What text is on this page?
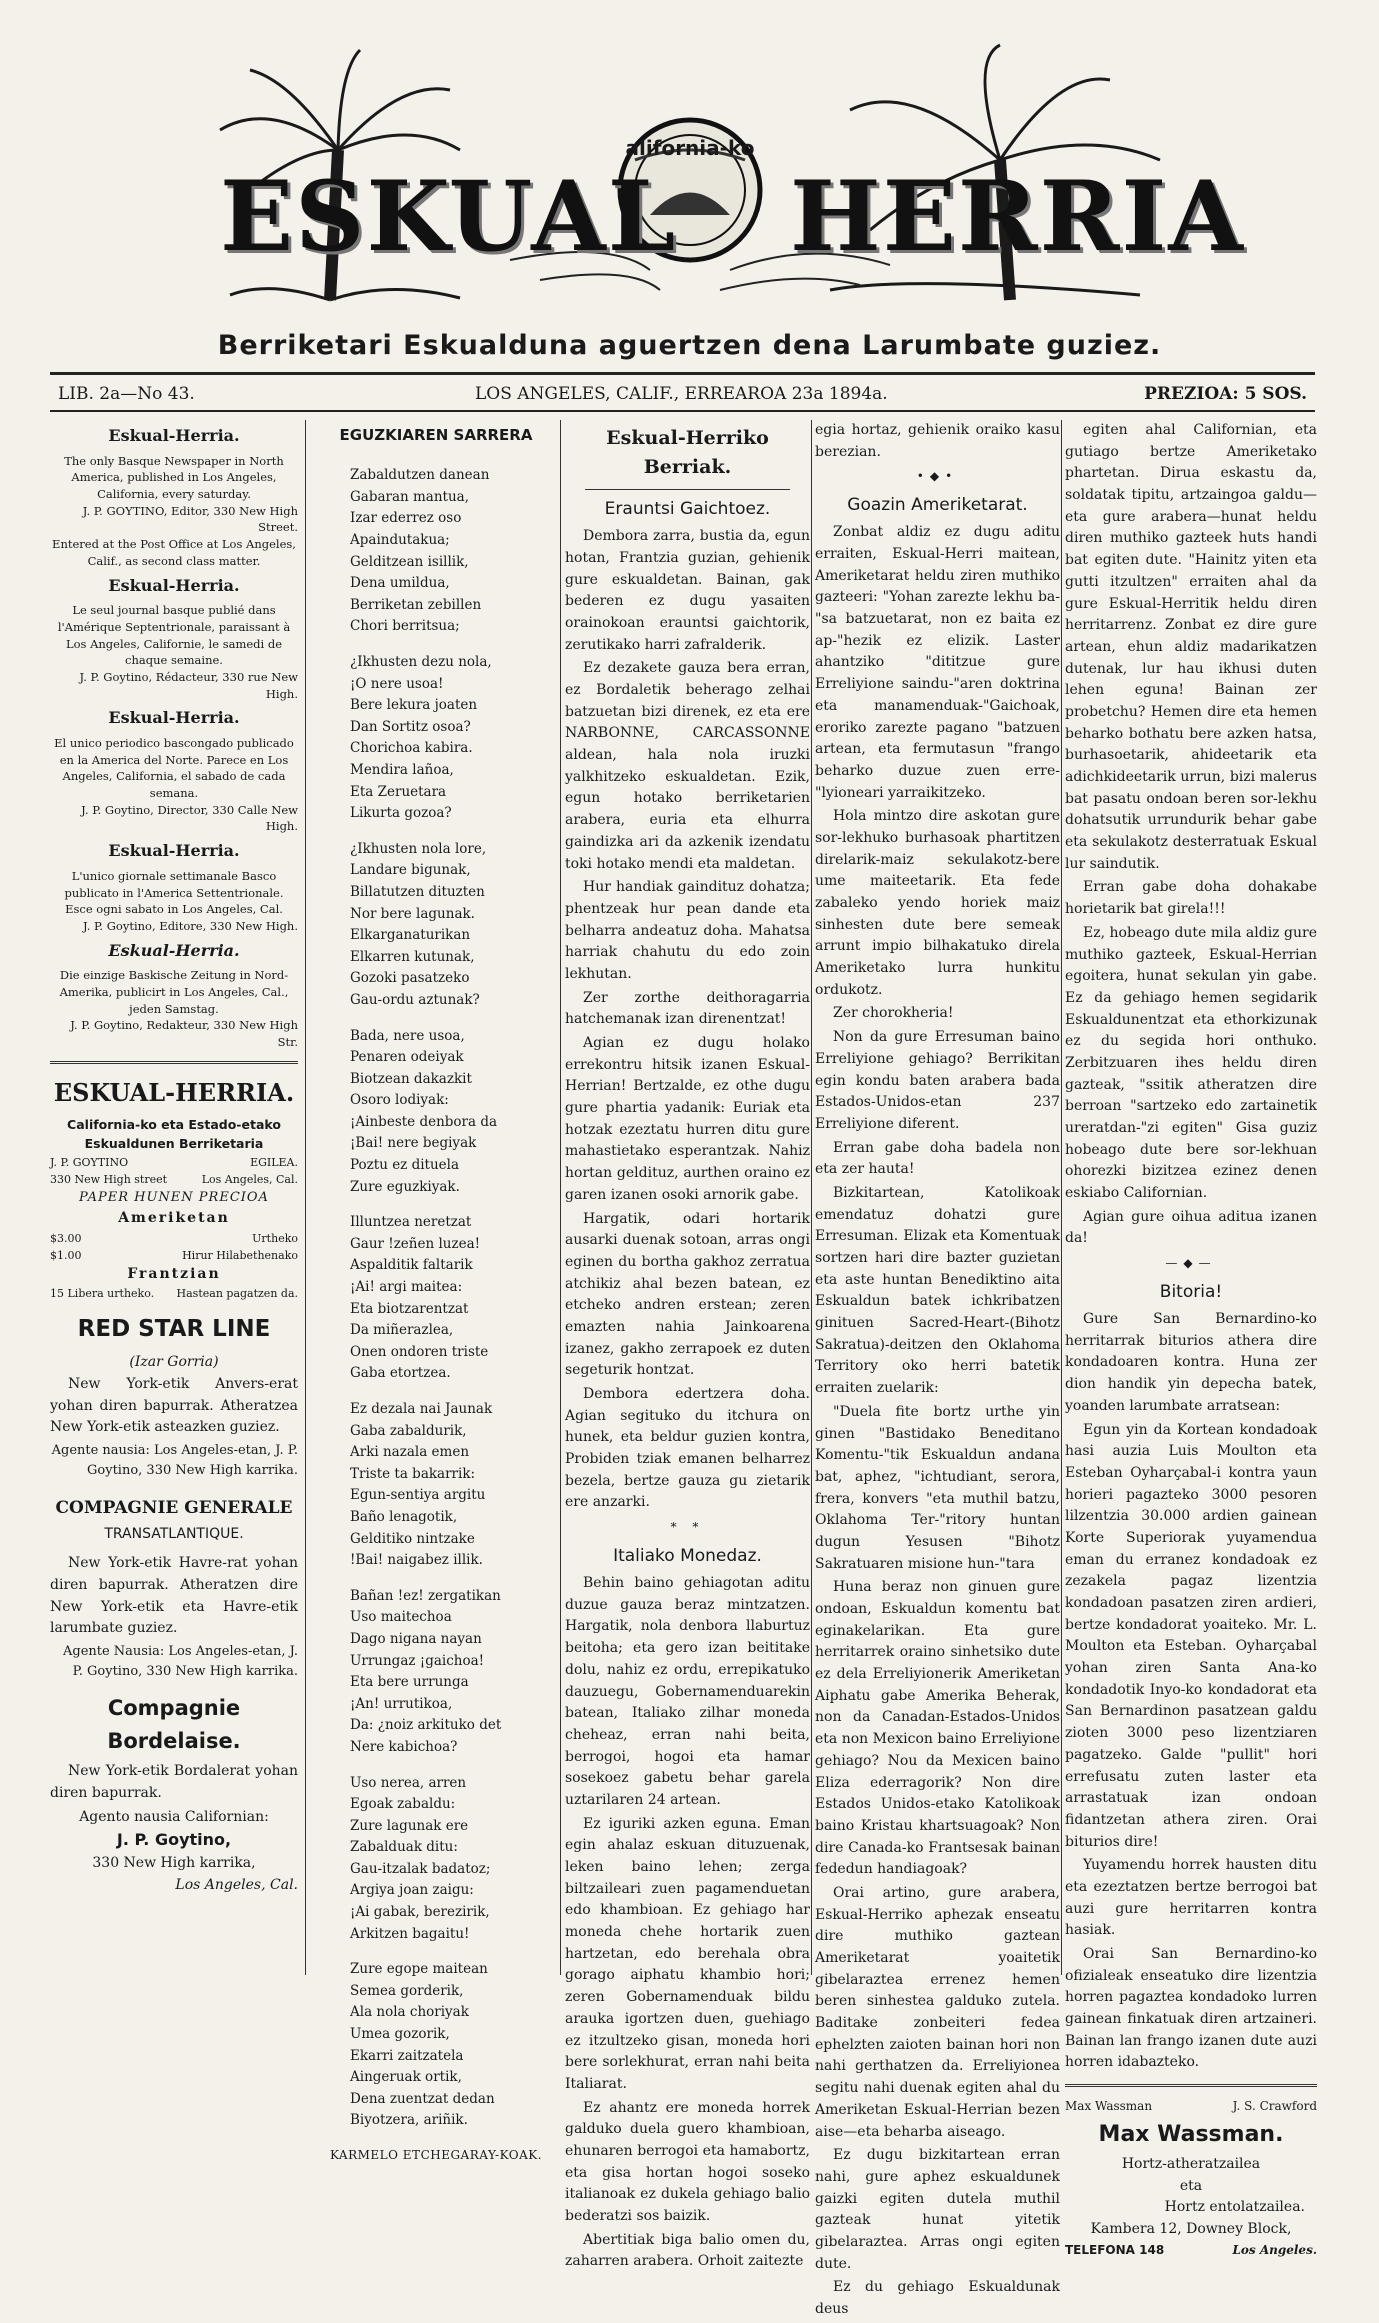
ESKUAL
alifornia-ko
HERRIA
Berriketari Eskualduna aguertzen dena Larumbate guziez.
LIB. 2a—No 43.	LOS ANGELES, CALIF., ERREAROA 23a 1894a.	PREZIOA: 5 SOS.
Eskual-Herria.
The only Basque Newspaper in North America, published in Los Angeles, California, every saturday.
J. P. GOYTINO, Editor, 330 New High Street.
Entered at the Post Office at Los Angeles, Calif., as second class matter.
Eskual-Herria.
Le seul journal basque publié dans l'Amérique Septentrionale, paraissant à Los Angeles, Californie, le samedi de chaque semaine.
J. P. Goytino, Rédacteur, 330 rue New High.
Eskual-Herria.
El unico periodico bascongado publicado en la America del Norte. Parece en Los Angeles, California, el sabado de cada semana.
J. P. Goytino, Director, 330 Calle New High.
Eskual-Herria.
L'unico giornale settimanale Basco publicato in l'America Settentrionale. Esce ogni sabato in Los Angeles, Cal.
J. P. Goytino, Editore, 330 New High.
Eskual-Herria.
Die einzige Baskische Zeitung in Nord-Amerika, publicirt in Los Angeles, Cal., jeden Samstag.
J. P. Goytino, Redakteur, 330 New High Str.
ESKUAL-HERRIA.
California-ko eta Estado-etako
Eskualdunen Berriketaria
J. P. GOYTINO	EGILEA.
330 New High street	Los Angeles, Cal.
PAPER HUNEN PRECIOA
Ameriketan
$3.00	Urtheko
$1.00	Hirur Hilabethenako
Frantzian
15 Libera urtheko. Hastean pagatzen da.
RED STAR LINE
(Izar Gorria)
New York-etik Anvers-erat yohan diren bapurrak. Atheratzea New York-etik asteazken guziez.
Agente nausia: Los Angeles-etan, J. P. Goytino, 330 New High karrika.
COMPAGNIE GENERALE
TRANSATLANTIQUE.
New York-etik Havre-rat yohan diren bapurrak. Atheratzen dire New York-etik eta Havre-etik larumbate guziez.
Agente Nausia: Los Angeles-etan, J. P. Goytino, 330 New High karrika.
Compagnie Bordelaise.
New York-etik Bordalerat yohan diren bapurrak.
Agento nausia Californian:
J. P. Goytino,
330 New High karrika,
Los Angeles, Cal.
EGUZKIAREN SARRERA
Zabaldutzen danean
Gabaran mantua,
Izar ederrez oso
Apaindutakua;
Gelditzean isillik,
Dena umilduа,
Berriketan zebillen
Chori berritsua;
¿Ikhusten dezu nola,
¡O nere usoa!
Bere lekura joaten
Dan Sortitz osoa?
Chorichoa kabira.
Mendira lañoa,
Eta Zeruetara
Likurta gozoa?
¿Ikhusten nola lore,
Landare bigunak,
Billatutzen dituzten
Nor bere lagunak.
Elkarganaturikan
Elkarren kutunak,
Gozoki pasatzeko
Gau-ordu aztunak?
Bada, nere usoa,
Penaren odeiyak
Biotzean dakazkit
Osoro lodiyak:
¡Ainbeste denbora da
¡Bai! nere begiyak
Poztu ez dituela
Zure eguzkiyak.
Illuntzea neretzat
Gaur !zeñen luzea!
Aspalditik faltarik
¡Ai! argi maitea:
Eta biotzarentzat
Da miñerazlea,
Onen ondoren triste
Gaba etortzea.
Ez dezala nai Jaunak
Gaba zabaldurik,
Arki nazala emen
Triste ta bakarrik:
Egun-sentiya argitu
Baño lenagotik,
Gelditiko nintzake
!Bai! naigabez illik.
Bañan !ez! zergatikan
Uso maitechoa
Dago nigana nayan
Urrungaz ¡gaichoa!
Eta bere urrunga
¡An! urrutikoa,
Da: ¿noiz arkituko det
Nere kabichoa?
Uso nerea, arren
Egoak zabaldu:
Zure lagunak ere
Zabalduak ditu:
Gau-itzalak badatoz;
Argiya joan zaigu:
¡Ai gabak, berezirik,
Arkitzen bagaitu!
Zure egope maitean
Semea gorderik,
Ala nola choriyak
Umea gozorik,
Ekarri zaitzatela
Aingeruak ortik,
Dena zuentzat dedan
Biyotzera, ariñik.
KARMELO ETCHEGARAY-KOAK.
Eskual-Herriko Berriak.
Erauntsi Gaichtoez.
Dembora zarra, bustia da, egun hotan, Frantzia guzian, gehienik gure eskualdetan. Bainan, gak bederen ez dugu yasaiten orainokoan erauntsi gaichtorik, zerutikako harri zafralderik.
Ez dezakete gauza bera erran, ez Bordaletik beherago zelhai batzuetan bizi direnek, ez eta ere NARBONNE, CARCASSONNE aldean, hala nola iruzki yalkhitzeko eskualdetan. Ezik, egun hotako berriketarien arabera, euria eta elhurra gaindizka ari da azkenik izendatu toki hotako mendi eta maldetan.
Hur handiak gaindituz dohatza; phentzeak hur pean dande eta belharra andeatuz doha. Mahatsa harriak chahutu du edo zoin lekhutan.
Zer zorthe deithoragarria hatchemanak izan direnentzat!
Agian ez dugu holako errekontru hitsik izanen Eskual-Herrian! Bertzalde, ez othe dugu gure phartia yadanik: Euriak eta hotzak ezeztatu hurren ditu gure mahastietako esperantzak. Nahiz hortan geldituz, aurthen oraino ez garen izanen osoki arnorik gabe.
Hargatik, odari hortarik ausarki duenak sotoan, arras ongi eginen du bortha gakhoz zerratua atchikiz ahal bezen batean, ez etcheko andren erstean; zeren emazten nahia Jainkoarena izanez, gakho zerrapoek ez duten segeturik hontzat.
Dembora edertzera doha. Agian segituko du itchura on hunek, eta beldur guzien kontra, Probiden tziak emanen belharrez bezela, bertze gauza gu zietarik ere anzarki.
* *
Italiako Monedaz.
Behin baino gehiagotan aditu duzue gauza beraz mintzatzen. Hargatik, nola denbora llaburtuz beitoha; eta gero izan beititake dolu, nahiz ez ordu, errepikatuko dauzuegu, Gobernamenduarekin batean, Italiako zilhar moneda cheheaz, erran nahi beita, berrogoi, hogoi eta hamar sosekoez gabetu behar garela uztarilaren 24 artean.
Ez iguriki azken eguna. Eman egin ahalaz eskuan dituzuenak, leken baino lehen; zerga biltzaileari zuen pagamenduetan edo khambioan. Ez gehiago har moneda chehe hortarik zuen hartzetan, edo berehala obra gorago aiphatu khambio hori; zeren Gobernamenduak bildu arauka igortzen duen, guehiago ez itzultzeko gisan, moneda hori bere sorlekhurat, erran nahi beita Italiarat.
Ez ahantz ere moneda horrek galduko duela guero khambioan, ehunaren berrogoi eta hamabortz, eta gisa hortan hogoi soseko italianoak ez dukela gehiago balio bederatzi sos baizik.
Abertitiak biga balio omen du, zaharren arabera. Orhoit zaitezte
egia hortaz, gehienik oraiko kasu berezian.
•◆•
Goazin Ameriketarat.
Zonbat aldiz ez dugu aditu erraiten, Eskual-Herri maitean, Ameriketarat heldu ziren muthiko gazteeri: "Yohan zarezte lekhu ba-"sa batzuetarat, non ez baita ez ap-"hezik ez elizik. Laster ahantziko "dititzue gure Erreliyione saindu-"aren doktrina eta manamenduak-"Gaichoak, eroriko zarezte pagano "batzuen artean, eta fermutasun "frango beharko duzue zuen erre-"lyioneari yarraikitzeko.
Hola mintzo dire askotan gure sor-lekhuko burhasoak phartitzen direlarik-maiz sekulakotz-bere ume maiteetarik. Eta fede zabaleko yendo horiek maiz sinhesten dute bere semeak arrunt impio bilhakatuko direla Ameriketako lurra hunkitu ordukotz.
Zer chorokheria!
Non da gure Erresuman baino Erreliyione gehiago? Berrikitan egin kondu baten arabera bada Estados-Unidos-etan 237 Erreliyione diferent.
Erran gabe doha badela non eta zer hauta!
Bizkitartean, Katolikoak emendatuz dohatzi gure Erresuman. Elizak eta Komentuak sortzen hari dire bazter guzietan eta aste huntan Benediktino aita Eskualdun batek ichkribatzen ginituen Sacred-Heart-(Bihotz Sakratua)-deitzen den Oklahoma Territory oko herri batetik erraiten zuelarik:
"Duela fite bortz urthe yin ginen "Bastidako Beneditano Komentu-"tik Eskualdun andana bat, aphez, "ichtudiant, serora, frera, konvers "eta muthil batzu, Oklahoma Ter-"ritory huntan dugun Yesusen "Bihotz Sakratuaren misione hun-"tara
Huna beraz non ginuen gure ondoan, Eskualdun komentu bat eginakelarikan. Eta gure herritarrek oraino sinhetsiko dute ez dela Erreliyionerik Ameriketan Aiphatu gabe Amerika Beherak, non da Canadan-Estados-Unidos eta non Mexicon baino Erreliyione gehiago? Nou da Mexicen baino Eliza ederragorik? Non dire Estados Unidos-etako Katolikoak baino Kristau khartsuagoak? Non dire Canada-ko Frantsesak bainan fededun handiagoak?
Orai artino, gure arabera, Eskual-Herriko aphezak enseatu dire muthiko gaztean Ameriketarat yoaitetik gibelaraztea errenez hemen beren sinhestea galduko zutela. Baditake zonbeiteri fedea ephelzten zaioten bainan hori non nahi gerthatzen da. Erreliyionea segitu nahi duenak egiten ahal du Ameriketan Eskual-Herrian bezen aise—eta beharba aiseago.
Ez dugu bizkitartean erran nahi, gure aphez eskualdunek gaizki egiten dutela muthil gazteak hunat yitetik gibelaraztea. Arras ongi egiten dute.
Ez du gehiago Eskualdunak deus
egiten ahal Californian, eta gutiago bertze Ameriketako phartetan. Dirua eskastu da, soldatak tipitu, artzaingoa galdu—eta gure arabera—hunat heldu diren muthiko gazteek huts handi bat egiten dute. "Hainitz yiten eta gutti itzultzen" erraiten ahal da gure Eskual-Herritik heldu diren herritarrenz. Zonbat ez dire gure artean, ehun aldiz madarikatzen dutenak, lur hau ikhusi duten lehen eguna! Bainan zer probetchu? Hemen dire eta hemen beharko bothatu bere azken hatsa, burhasoetarik, ahideetarik eta adichkideetarik urrun, bizi malerus bat pasatu ondoan beren sor-lekhu dohatsutik urrundurik behar gabe eta sekulakotz desterratuak Eskual lur saindutik.
Erran gabe doha dohakabe horietarik bat girela!!!
Ez, hobeago dute mila aldiz gure muthiko gazteek, Eskual-Herrian egoitera, hunat sekulan yin gabe. Ez da gehiago hemen segidarik Eskualdunentzat eta ethorkizunak ez du segida hori onthuko. Zerbitzuaren ihes heldu diren gazteak, "ssitik atheratzen dire berroan "sartzeko edo zartainetik ureratdan-"zi egiten" Gisa guziz hobeago dute bere sor-lekhuan ohorezki bizitzea ezinez denen eskiabo Californian.
Agian gure oihua aditua izanen da!
—◆—
Bitoria!
Gure San Bernardino-ko herritarrak biturios athera dire kondadoaren kontra. Huna zer dion handik yin depecha batek, yoanden larumbate arratsean:
Egun yin da Kortean kondadoak hasi auzia Luis Moulton eta Esteban Oyharçabal-i kontra yaun horieri pagazteko 3000 pesoren lilzentzia 30.000 ardien gainean Korte Superiorak yuyamendua eman du erranez kondadoak ez zezakela pagaz lizentzia kondadoan pasatzen ziren ardieri, bertze kondadorat yoaiteko. Mr. L. Moulton eta Esteban. Oyharçabal yohan ziren Santa Ana-ko kondadotik Inyo-ko kondadorat eta San Bernardinon pasatzean galdu zioten 3000 peso lizentziaren pagatzeko. Galde "pullit" hori errefusatu zuten laster eta arrastatuak izan ondoan fidantzetan athera ziren. Orai biturios dire!
Yuyamendu horrek hausten ditu eta ezeztatzen bertze berrogoi bat auzi gure herritarren kontra hasiak.
Orai San Bernardino-ko ofizialeak enseatuko dire lizentzia horren pagaztea kondadoko lurren gainean finkatuak diren artzaineri. Bainan lan frango izanen dute auzi horren idabazteko.
Max Wassman	J. S. Crawford
Max Wassman.
Hortz-atheratzailea
eta
Hortz entolatzailea.
Kambera 12, Downey Block,
TELEFONA 148	Los Angeles.
